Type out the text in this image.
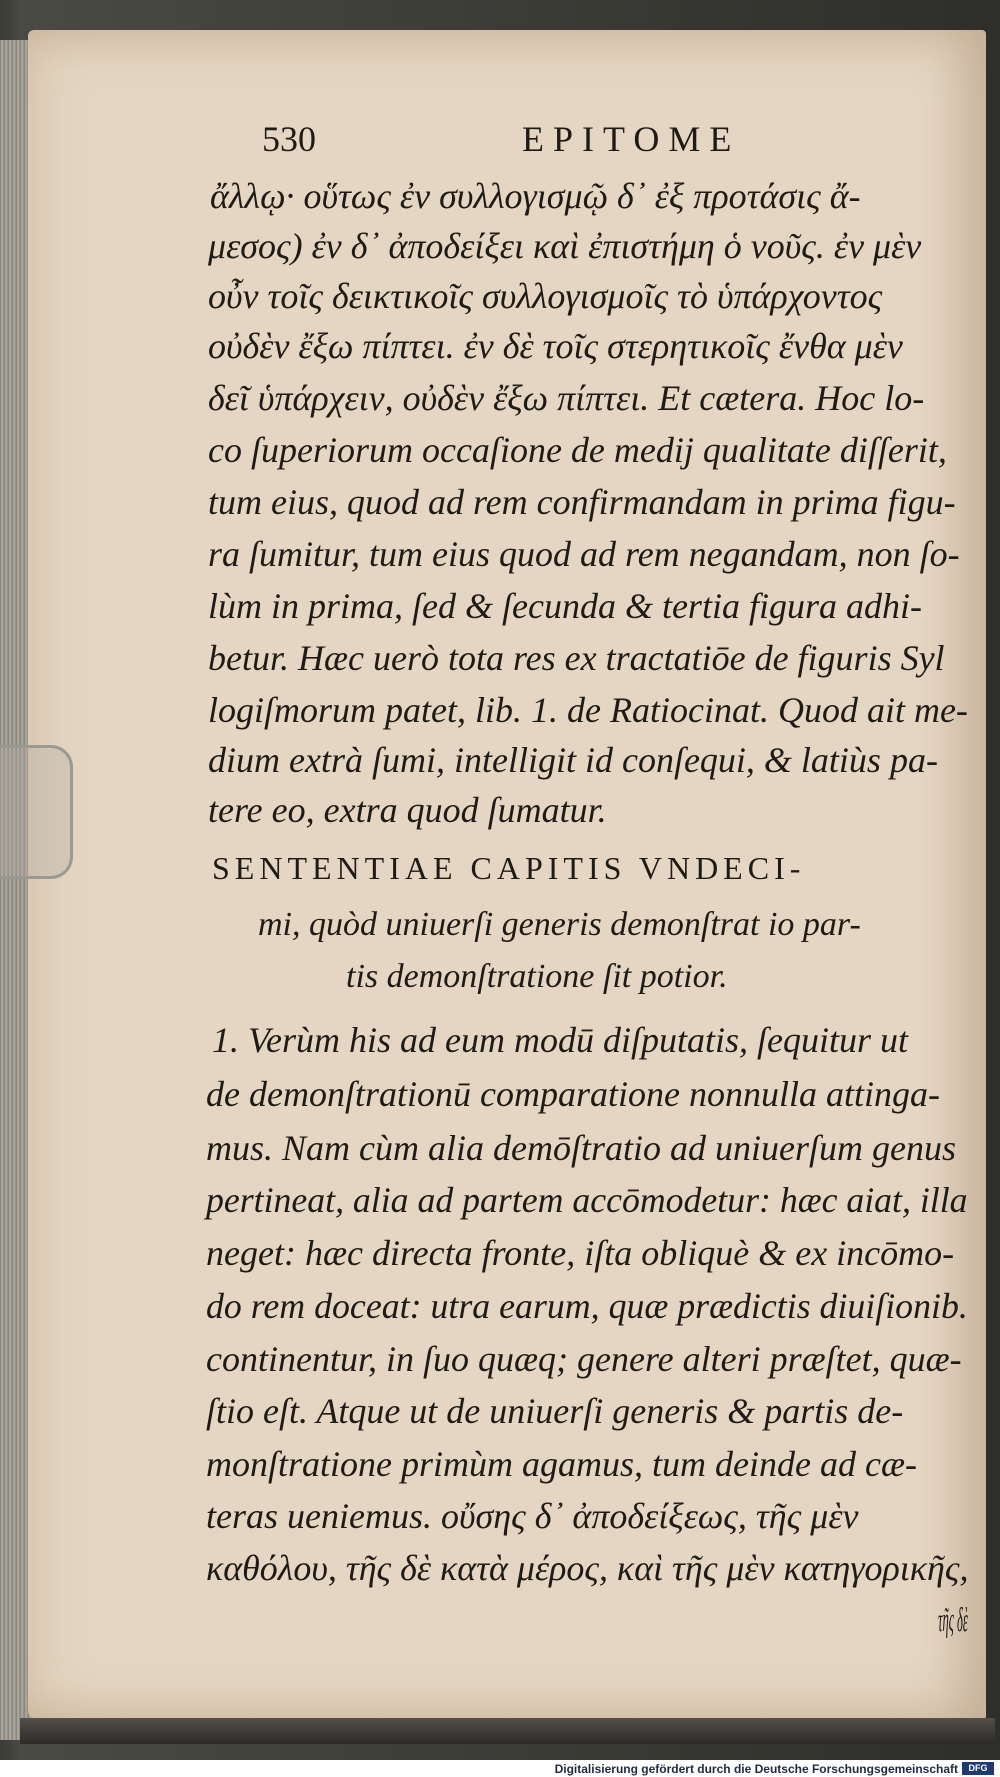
530	EPITOME
ἄλλῳ· οὕτως ἐν συλλογισμῷ δ᾽ ἐξ προτάσις ἄ-
μεσος) ἐν δ᾽ ἀποδείξει καὶ ἐπιστήμη ὁ νοῦς. ἐν μὲν
οὖν τοῖς δεικτικοῖς συλλογισμοῖς τὸ ὑπάρχοντος
οὐδὲν ἔξω πίπτει. ἐν δὲ τοῖς στερητικοῖς ἔνθα μὲν
δεῖ ὑπάρχειν, οὐδὲν ἔξω πίπτει. Et cætera. Hoc lo-
co ſuperiorum occaſione de medij qualitate diſſerit,
tum eius, quod ad rem confirmandam in prima figu-
ra ſumitur, tum eius quod ad rem negandam, non ſo-
lùm in prima, ſed & ſecunda & tertia figura adhi-
betur. Hæc uerò tota res ex tractatiōe de figuris Syl
logiſmorum patet, lib. 1. de Ratiocinat. Quod ait me-
dium extrà ſumi, intelligit id conſequi, & latiùs pa-
tere eo, extra quod ſumatur.
SENTENTIAE CAPITIS VNDECI-
mi, quòd uniuerſi generis demonſtrat io par-
tis demonſtratione ſit potior.
1. Verùm his ad eum modū diſputatis, ſequitur ut
de demonſtrationū comparatione nonnulla attinga-
mus. Nam cùm alia demōſtratio ad uniuerſum genus
pertineat, alia ad partem accōmodetur: hæc aiat, illa
neget: hæc directa fronte, iſta obliquè & ex incōmo-
do rem doceat: utra earum, quæ prædictis diuiſionib.
continentur, in ſuo quæq; genere alteri præſtet, quæ-
ſtio eſt. Atque ut de uniuerſi generis & partis de-
monſtratione primùm agamus, tum deinde ad cæ-
teras ueniemus. οὔσης δ᾽ ἀποδείξεως, τῆς μὲν
καθόλου, τῆς δὲ κατὰ μέρος, καὶ τῆς μὲν κατηγορικῆς,
τῆς δὲ
Digitalisierung gefördert durch die Deutsche Forschungsgemeinschaft	DFG
